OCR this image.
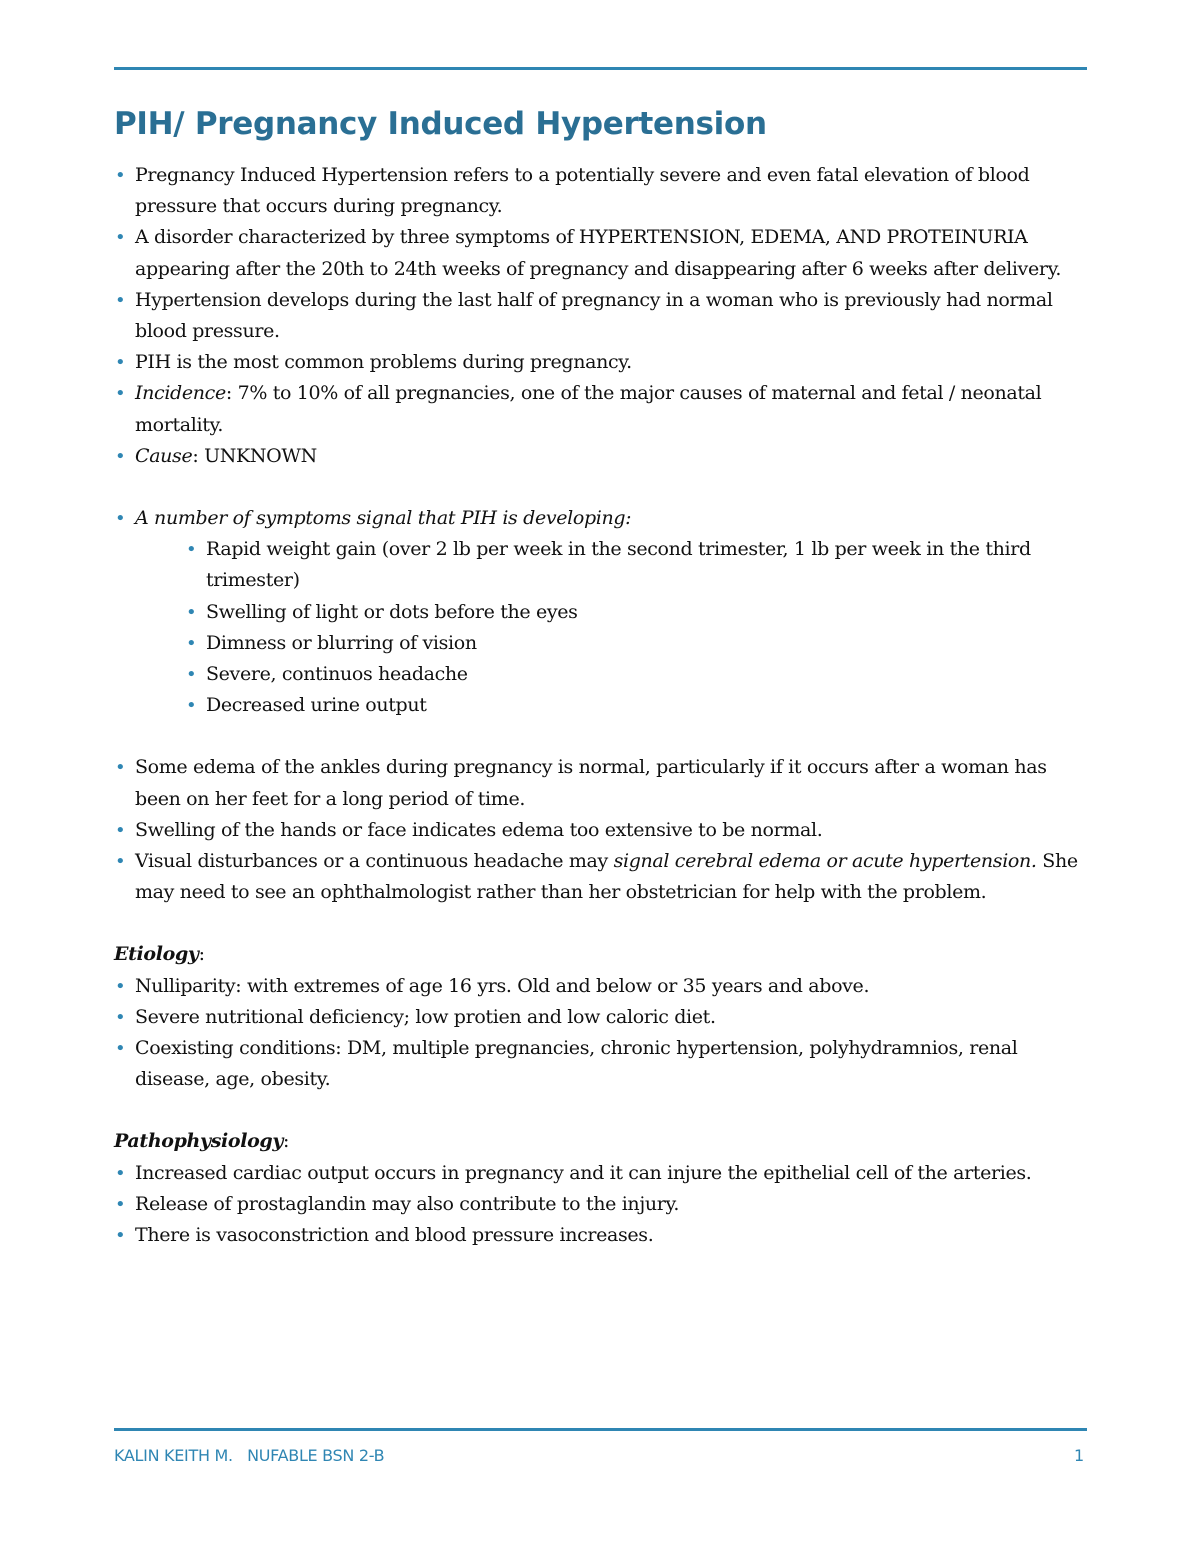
PIH/ Pregnancy Induced Hypertension
• Pregnancy Induced Hypertension refers to a potentially severe and even fatal elevation of blood pressure that occurs during pregnancy.
• A disorder characterized by three symptoms of HYPERTENSION, EDEMA, AND PROTEINURIA appearing after the 20th to 24th weeks of pregnancy and disappearing after 6 weeks after delivery.
• Hypertension develops during the last half of pregnancy in a woman who is previously had normal blood pressure.
• PIH is the most common problems during pregnancy.
• Incidence: 7% to 10% of all pregnancies, one of the major causes of maternal and fetal / neonatal mortality.
• Cause: UNKNOWN
• A number of symptoms signal that PIH is developing:
• Rapid weight gain (over 2 lb per week in the second trimester, 1 lb per week in the third trimester)
• Swelling of light or dots before the eyes
• Dimness or blurring of vision
• Severe, continuos headache
• Decreased urine output
• Some edema of the ankles during pregnancy is normal, particularly if it occurs after a woman has been on her feet for a long period of time.
• Swelling of the hands or face indicates edema too extensive to be normal.
• Visual disturbances or a continuous headache may signal cerebral edema or acute hypertension. She may need to see an ophthalmologist rather than her obstetrician for help with the problem.
Etiology:
• Nulliparity: with extremes of age 16 yrs. Old and below or 35 years and above.
• Severe nutritional deficiency; low protien and low caloric diet.
• Coexisting conditions: DM, multiple pregnancies, chronic hypertension, polyhydramnios, renal disease, age, obesity.
Pathophysiology:
• Increased cardiac output occurs in pregnancy and it can injure the epithelial cell of the arteries.
• Release of prostaglandin may also contribute to the injury.
• There is vasoconstriction and blood pressure increases.
KALIN KEITH M.   NUFABLE BSN 2-B	1
